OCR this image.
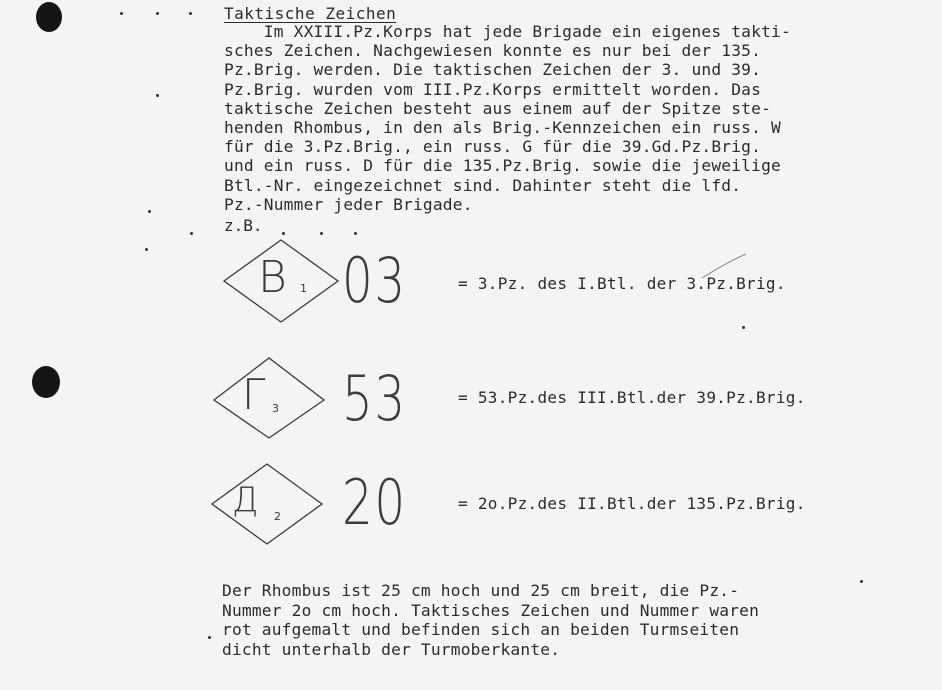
Taktische Zeichen
Im XXIII.Pz.Korps hat jede Brigade ein eigenes takti-
sches Zeichen. Nachgewiesen konnte es nur bei der 135.
Pz.Brig. werden. Die taktischen Zeichen der 3. und 39.
Pz.Brig. wurden vom III.Pz.Korps ermittelt worden. Das
taktische Zeichen besteht aus einem auf der Spitze ste-
henden Rhombus, in den als Brig.-Kennzeichen ein russ. W
für die 3.Pz.Brig., ein russ. G für die 39.Gd.Pz.Brig.
und ein russ. D für die 135.Pz.Brig. sowie die jeweilige
Btl.-Nr. eingezeichnet sind. Dahinter steht die lfd.
Pz.-Nummer jeder Brigade.
z.B.
B 1 03	= 3.Pz. des I.Btl. der 3.Pz.Brig.
Г 3 53	= 53.Pz.des III.Btl.der 39.Pz.Brig.
Д 2 20	= 2o.Pz.des II.Btl.der 135.Pz.Brig.
Der Rhombus ist 25 cm hoch und 25 cm breit, die Pz.-
Nummer 2o cm hoch. Taktisches Zeichen und Nummer waren
rot aufgemalt und befinden sich an beiden Turmseiten
dicht unterhalb der Turmoberkante.
